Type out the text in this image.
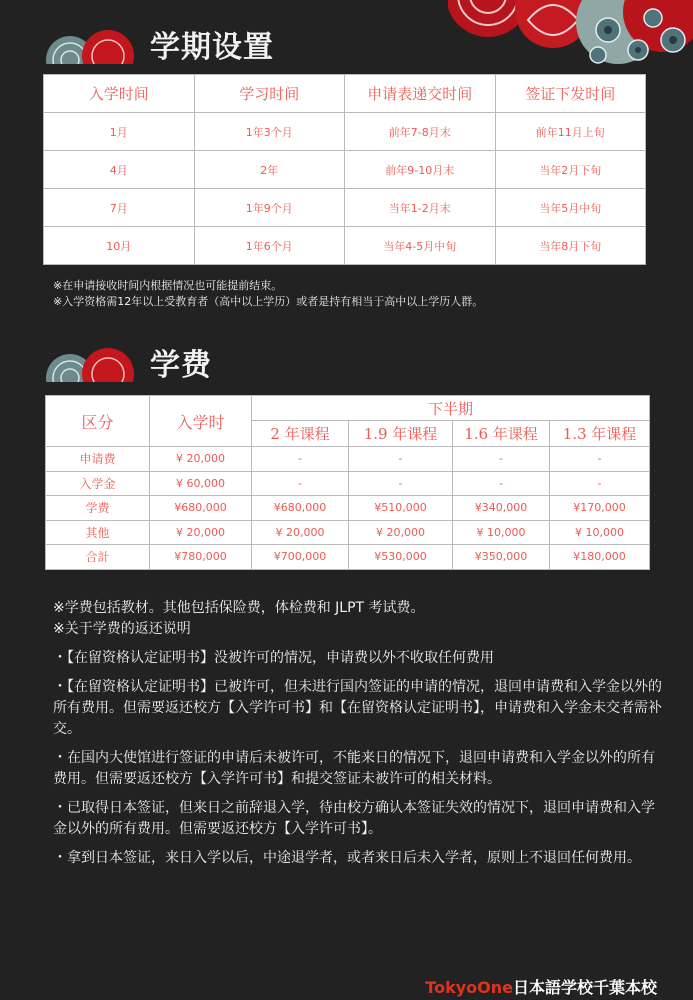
学期设置
入学时间	学习时间	申请表递交时间	签证下发时间
1月	1年3个月	前年7-8月末	前年11月上旬
4月	2年	前年9-10月末	当年2月下旬
7月	1年9个月	当年1-2月末	当年5月中旬
10月	1年6个月	当年4-5月中旬	当年8月下旬
※在申请接收时间内根据情况也可能提前结束。
※入学资格需12年以上受教育者（高中以上学历）或者是持有相当于高中以上学历人群。
学费
区分	入学时	下半期			
		2 年课程	1.9 年课程	1.6 年课程	1.3 年课程
申请费	¥ 20,000	-	-	-	-
入学金	¥ 60,000	-	-	-	-
学费	¥680,000	¥680,000	¥510,000	¥340,000	¥170,000
其他	¥ 20,000	¥ 20,000	¥ 20,000	¥ 10,000	¥ 10,000
合計	¥780,000	¥700,000	¥530,000	¥350,000	¥180,000

※学费包括教材。其他包括保险费，体检费和 JLPT 考试费。

※关于学费的返还说明

・【在留资格认定证明书】没被许可的情况，申请费以外不收取任何费用

・【在留资格认定证明书】已被许可，但未进行国内签证的申请的情况，退回申请费和入学金以外的所有费用。但需要返还校方【入学许可书】和【在留资格认定证明书】，申请费和入学金未交者需补交。

・在国内大使馆进行签证的申请后未被许可，不能来日的情况下，退回申请费和入学金以外的所有费用。但需要返还校方【入学许可书】和提交签证未被许可的相关材料。

・已取得日本签证，但来日之前辞退入学，待由校方确认本签证失效的情况下，退回申请费和入学金以外的所有费用。但需要返还校方【入学许可书】。

・拿到日本签证，来日入学以后，中途退学者，或者来日后未入学者，原则上不退回任何费用。

TokyoOne日本語学校千葉本校
